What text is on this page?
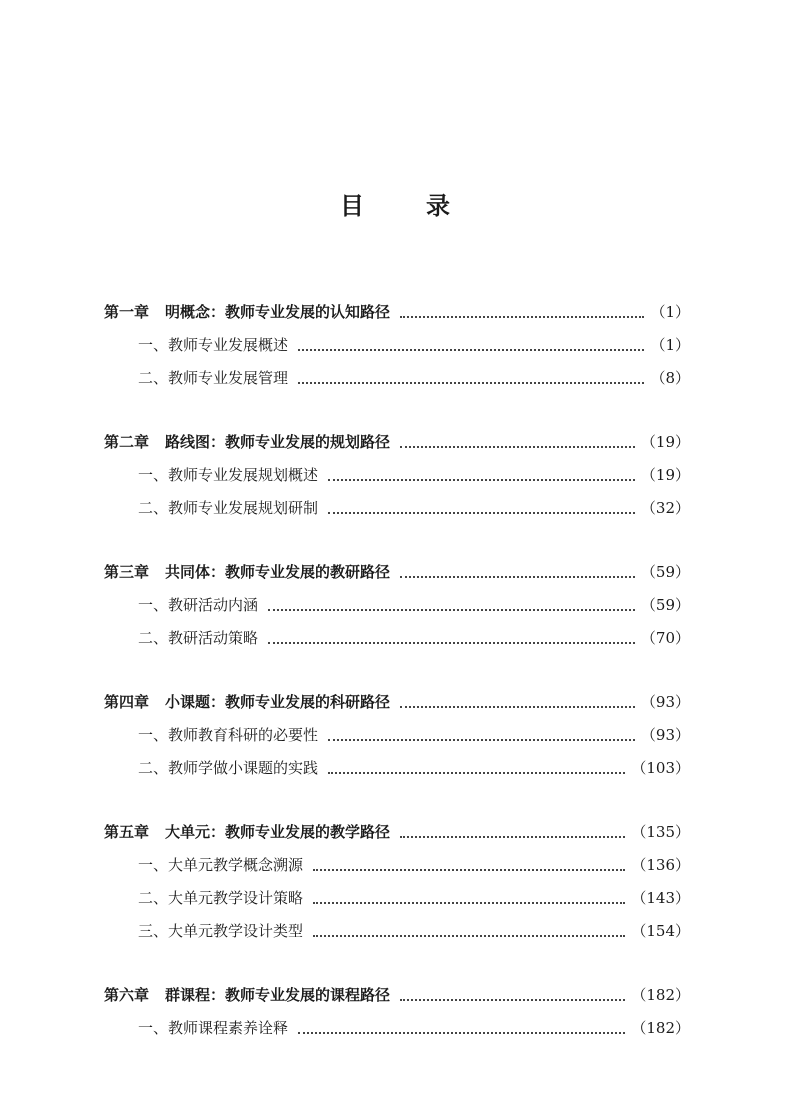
目	录
第一章 明概念：教师专业发展的认知路径	（1）
一、教师专业发展概述	（1）
二、教师专业发展管理	（8）
第二章 路线图：教师专业发展的规划路径	（19）
一、教师专业发展规划概述	（19）
二、教师专业发展规划研制	（32）
第三章 共同体：教师专业发展的教研路径	（59）
一、教研活动内涵	（59）
二、教研活动策略	（70）
第四章 小课题：教师专业发展的科研路径	（93）
一、教师教育科研的必要性	（93）
二、教师学做小课题的实践	（103）
第五章 大单元：教师专业发展的教学路径	（135）
一、大单元教学概念溯源	（136）
二、大单元教学设计策略	（143）
三、大单元教学设计类型	（154）
第六章 群课程：教师专业发展的课程路径	（182）
一、教师课程素养诠释	（182）
